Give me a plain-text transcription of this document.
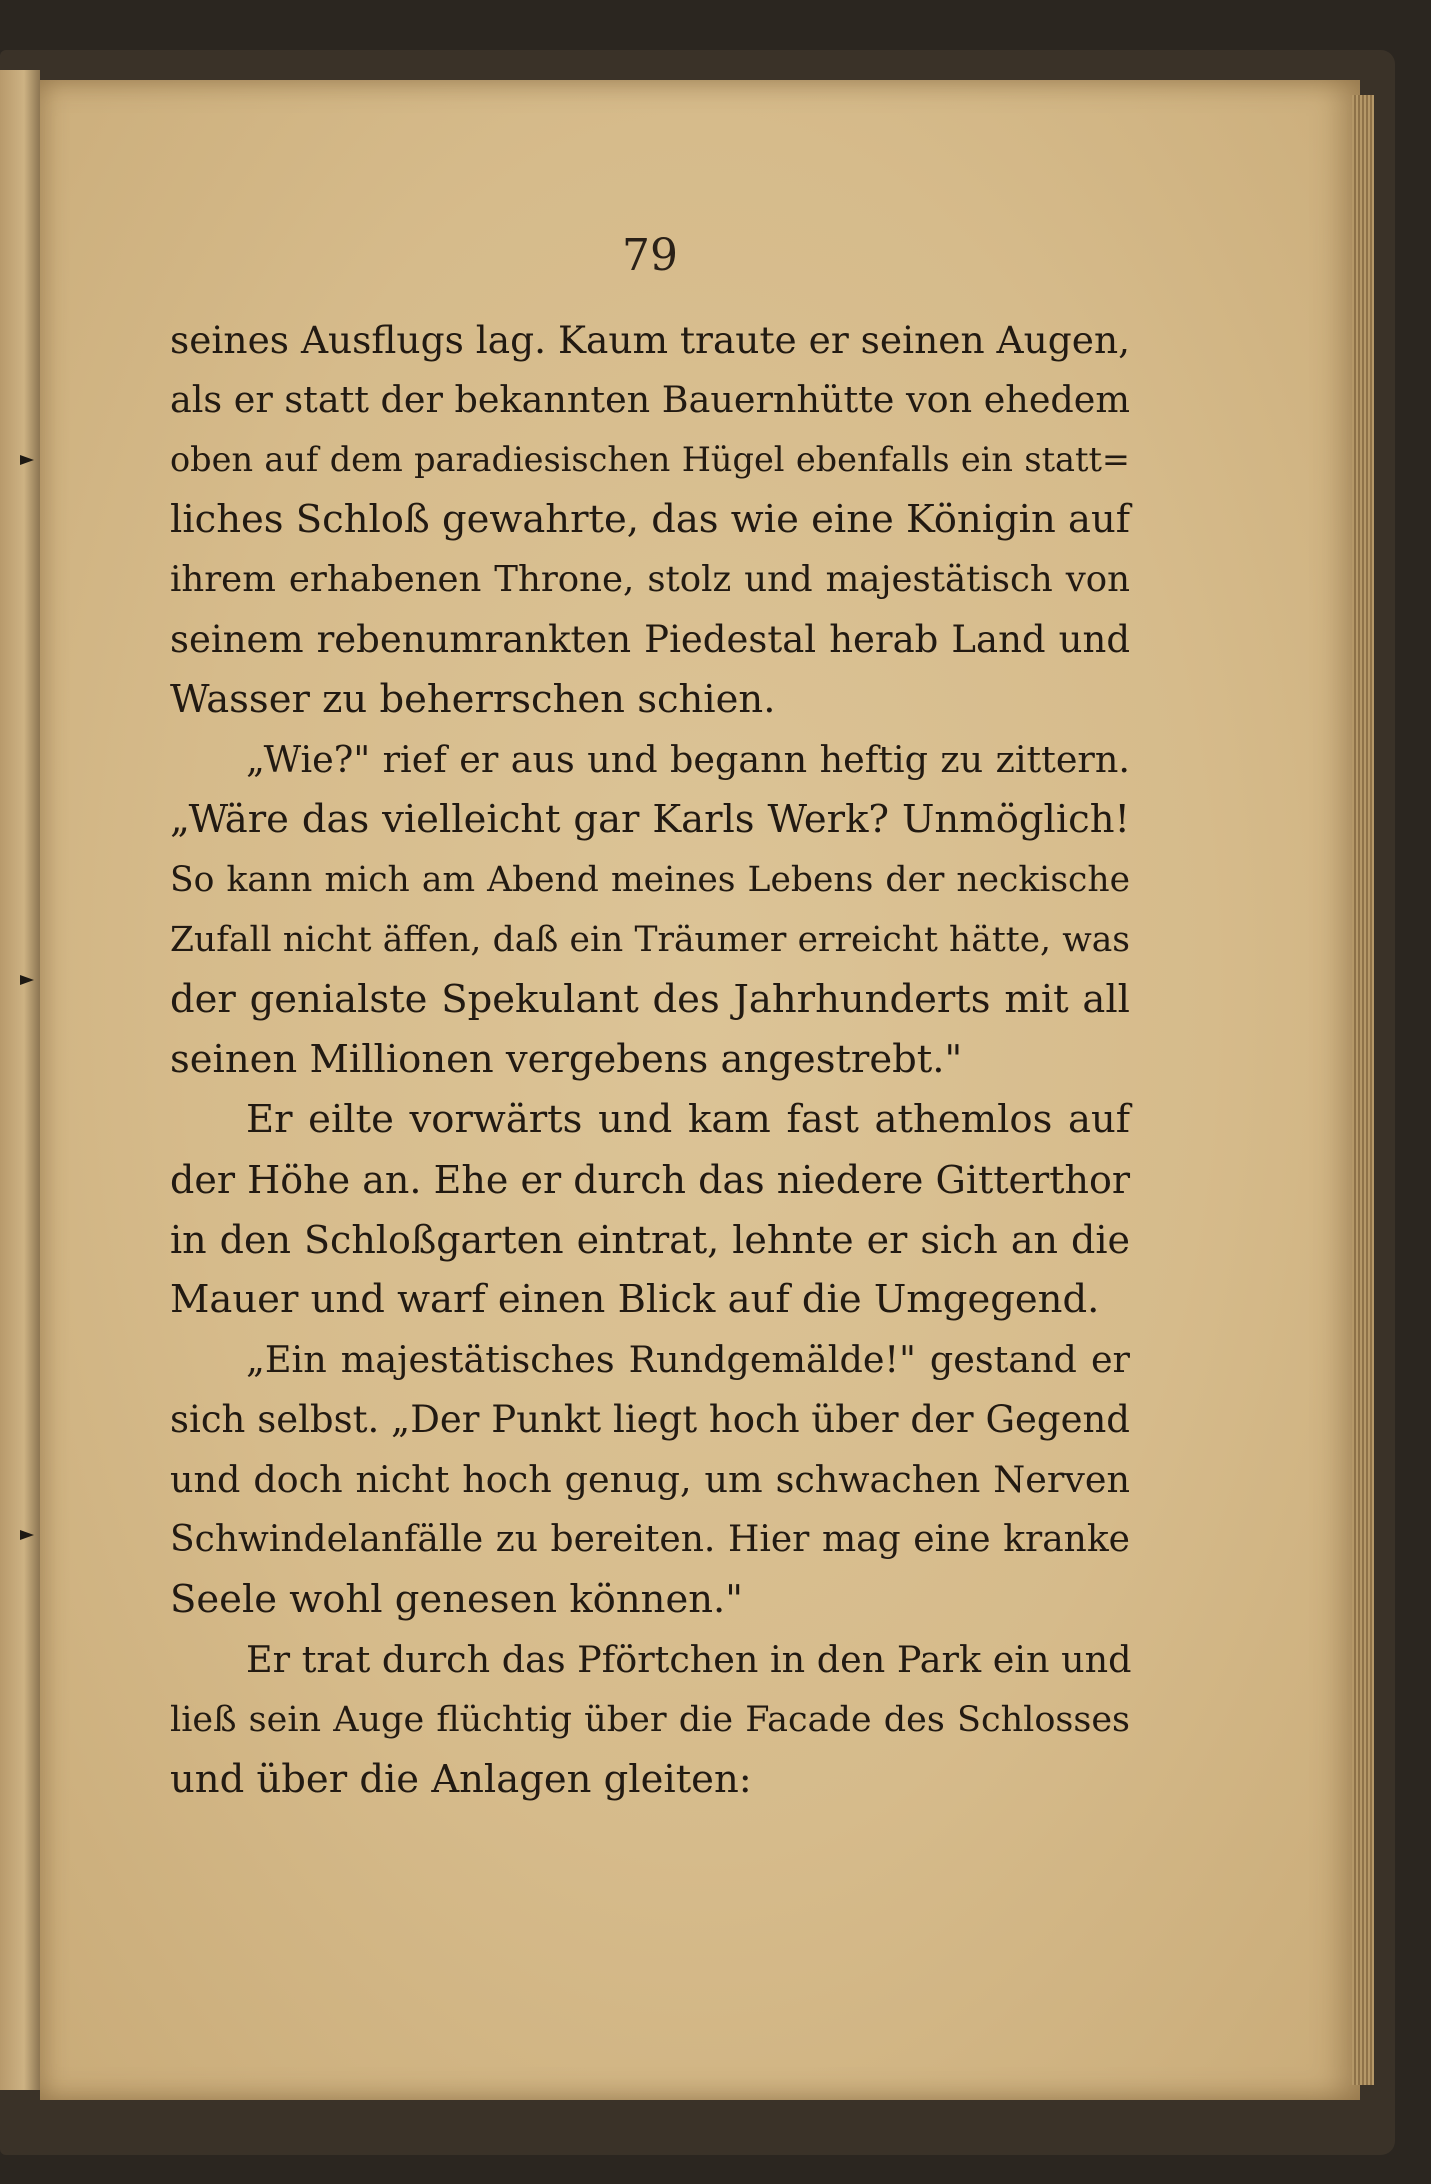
79
seines Ausflugs lag. Kaum traute er seinen Augen,
als er statt der bekannten Bauernhütte von ehedem
oben auf dem paradiesischen Hügel ebenfalls ein statt=
liches Schloß gewahrte, das wie eine Königin auf
ihrem erhabenen Throne, stolz und majestätisch von
seinem rebenumrankten Piedestal herab Land und
Wasser zu beherrschen schien.
„Wie?" rief er aus und begann heftig zu zittern.
„Wäre das vielleicht gar Karls Werk? Unmöglich!
So kann mich am Abend meines Lebens der neckische
Zufall nicht äffen, daß ein Träumer erreicht hätte, was
der genialste Spekulant des Jahrhunderts mit all
seinen Millionen vergebens angestrebt."
Er eilte vorwärts und kam fast athemlos auf
der Höhe an. Ehe er durch das niedere Gitterthor
in den Schloßgarten eintrat, lehnte er sich an die
Mauer und warf einen Blick auf die Umgegend.
„Ein majestätisches Rundgemälde!" gestand er
sich selbst. „Der Punkt liegt hoch über der Gegend
und doch nicht hoch genug, um schwachen Nerven
Schwindelanfälle zu bereiten. Hier mag eine kranke
Seele wohl genesen können."
Er trat durch das Pförtchen in den Park ein und
ließ sein Auge flüchtig über die Facade des Schlosses
und über die Anlagen gleiten:
